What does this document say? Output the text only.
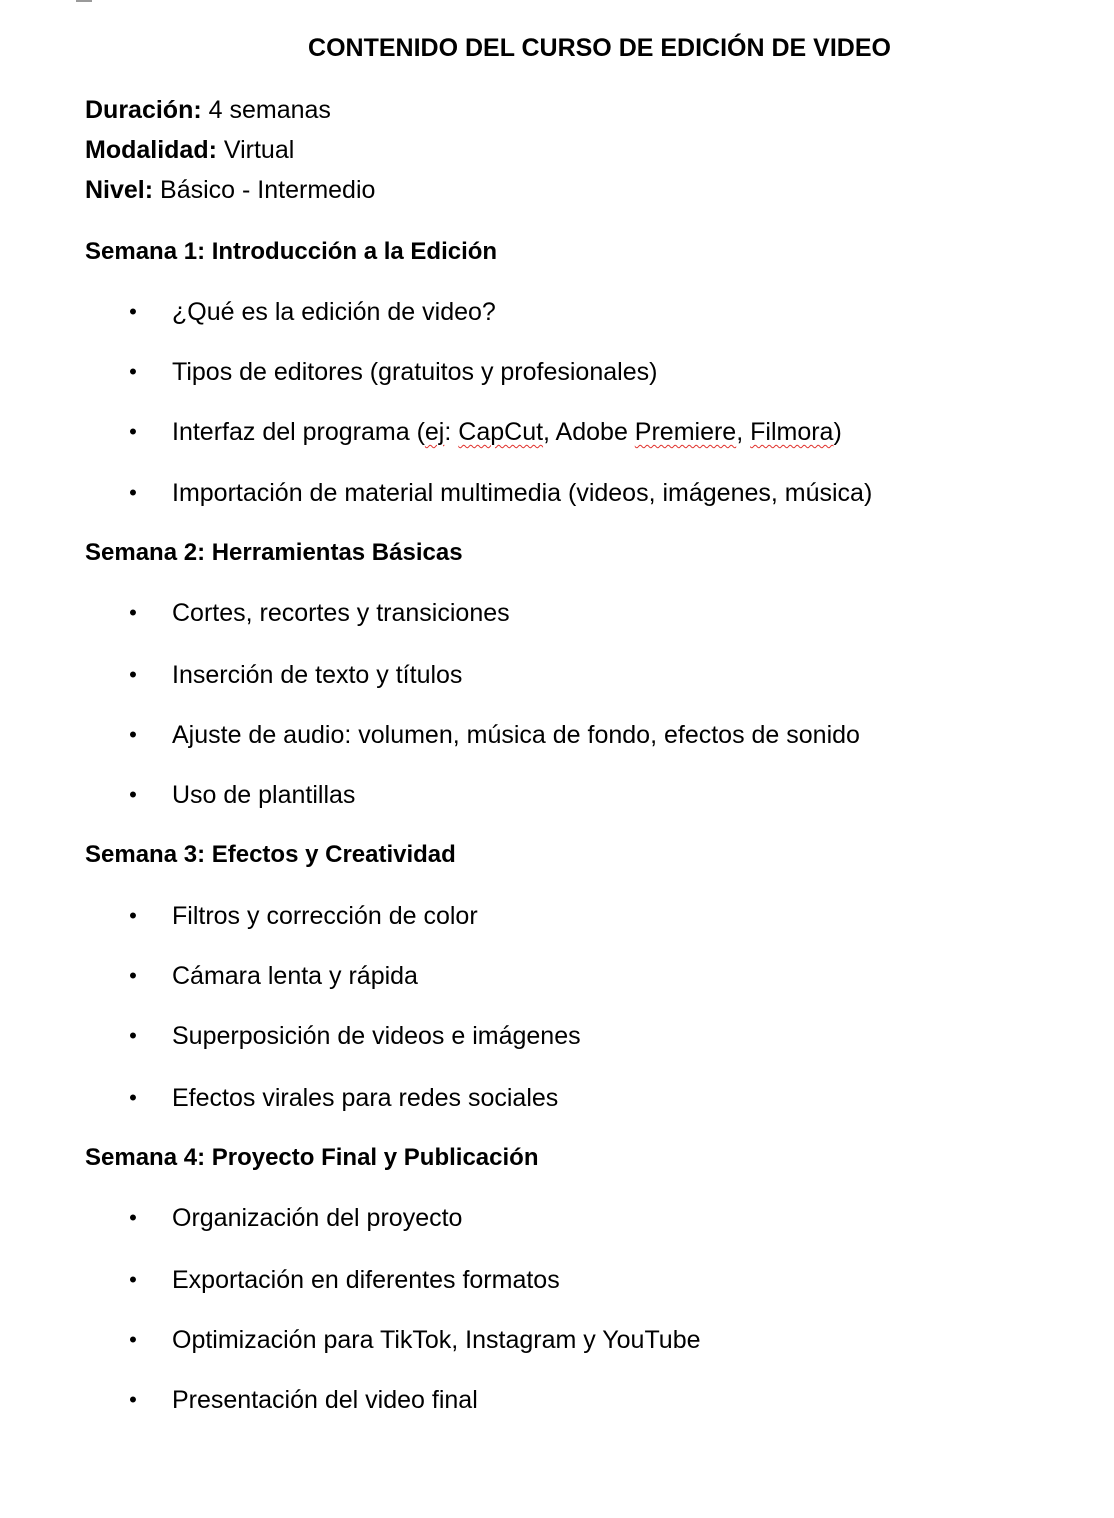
CONTENIDO DEL CURSO DE EDICIÓN DE VIDEO
Duración: 4 semanas
Modalidad: Virtual
Nivel: Básico - Intermedio
Semana 1: Introducción a la Edición
• ¿Qué es la edición de video?
• Tipos de editores (gratuitos y profesionales)
• Interfaz del programa (ej: CapCut, Adobe Premiere, Filmora)
• Importación de material multimedia (videos, imágenes, música)
Semana 2: Herramientas Básicas
• Cortes, recortes y transiciones
• Inserción de texto y títulos
• Ajuste de audio: volumen, música de fondo, efectos de sonido
• Uso de plantillas
Semana 3: Efectos y Creatividad
• Filtros y corrección de color
• Cámara lenta y rápida
• Superposición de videos e imágenes
• Efectos virales para redes sociales
Semana 4: Proyecto Final y Publicación
• Organización del proyecto
• Exportación en diferentes formatos
• Optimización para TikTok, Instagram y YouTube
• Presentación del video final
